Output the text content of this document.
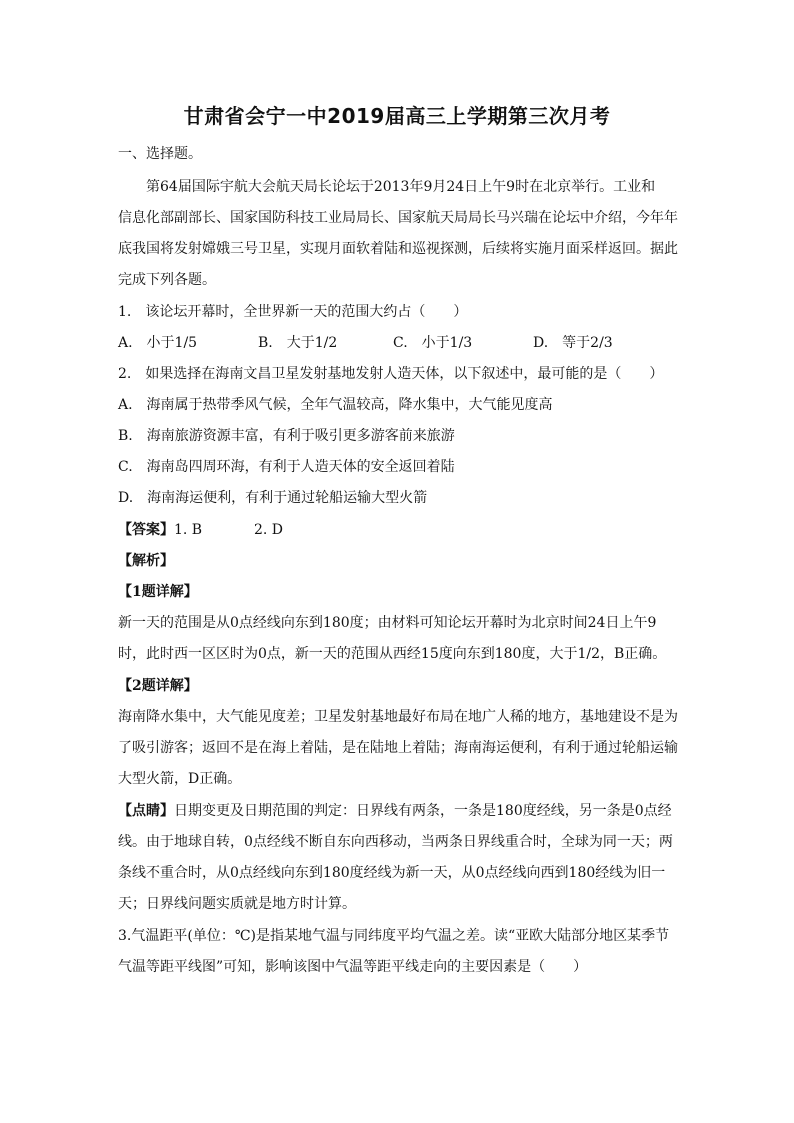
甘肃省会宁一中2019届高三上学期第三次月考
一、选择题。
第64届国际宇航大会航天局长论坛于2013年9月24日上午9时在北京举行。工业和
信息化部副部长、国家国防科技工业局局长、国家航天局局长马兴瑞在论坛中介绍，今年年
底我国将发射嫦娥三号卫星，实现月面软着陆和巡视探测，后续将实施月面采样返回。据此
完成下列各题。
1.　该论坛开幕时，全世界新一天的范围大约占（　　）
A.　小于1/5	B.　大于1/2	C.　小于1/3	D.　等于2/3
2.　如果选择在海南文昌卫星发射基地发射人造天体，以下叙述中，最可能的是（　　）
A.　海南属于热带季风气候，全年气温较高，降水集中，大气能见度高
B.　海南旅游资源丰富，有利于吸引更多游客前来旅游
C.　海南岛四周环海，有利于人造天体的安全返回着陆
D.　海南海运便利，有利于通过轮船运输大型火箭
【答案】1. B	2. D
【解析】
【1题详解】
新一天的范围是从0点经线向东到180度；由材料可知论坛开幕时为北京时间24日上午9
时，此时西一区区时为0点，新一天的范围从西经15度向东到180度，大于1/2，B正确。
【2题详解】
海南降水集中，大气能见度差；卫星发射基地最好布局在地广人稀的地方，基地建设不是为
了吸引游客；返回不是在海上着陆，是在陆地上着陆；海南海运便利，有利于通过轮船运输
大型火箭，D正确。
【点睛】日期变更及日期范围的判定：日界线有两条，一条是180度经线，另一条是0点经
线。由于地球自转，0点经线不断自东向西移动，当两条日界线重合时，全球为同一天；两
条线不重合时，从0点经线向东到180度经线为新一天，从0点经线向西到180经线为旧一
天；日界线问题实质就是地方时计算。
3.气温距平(单位：℃)是指某地气温与同纬度平均气温之差。读“亚欧大陆部分地区某季节
气温等距平线图”可知，影响该图中气温等距平线走向的主要因素是（　　）
